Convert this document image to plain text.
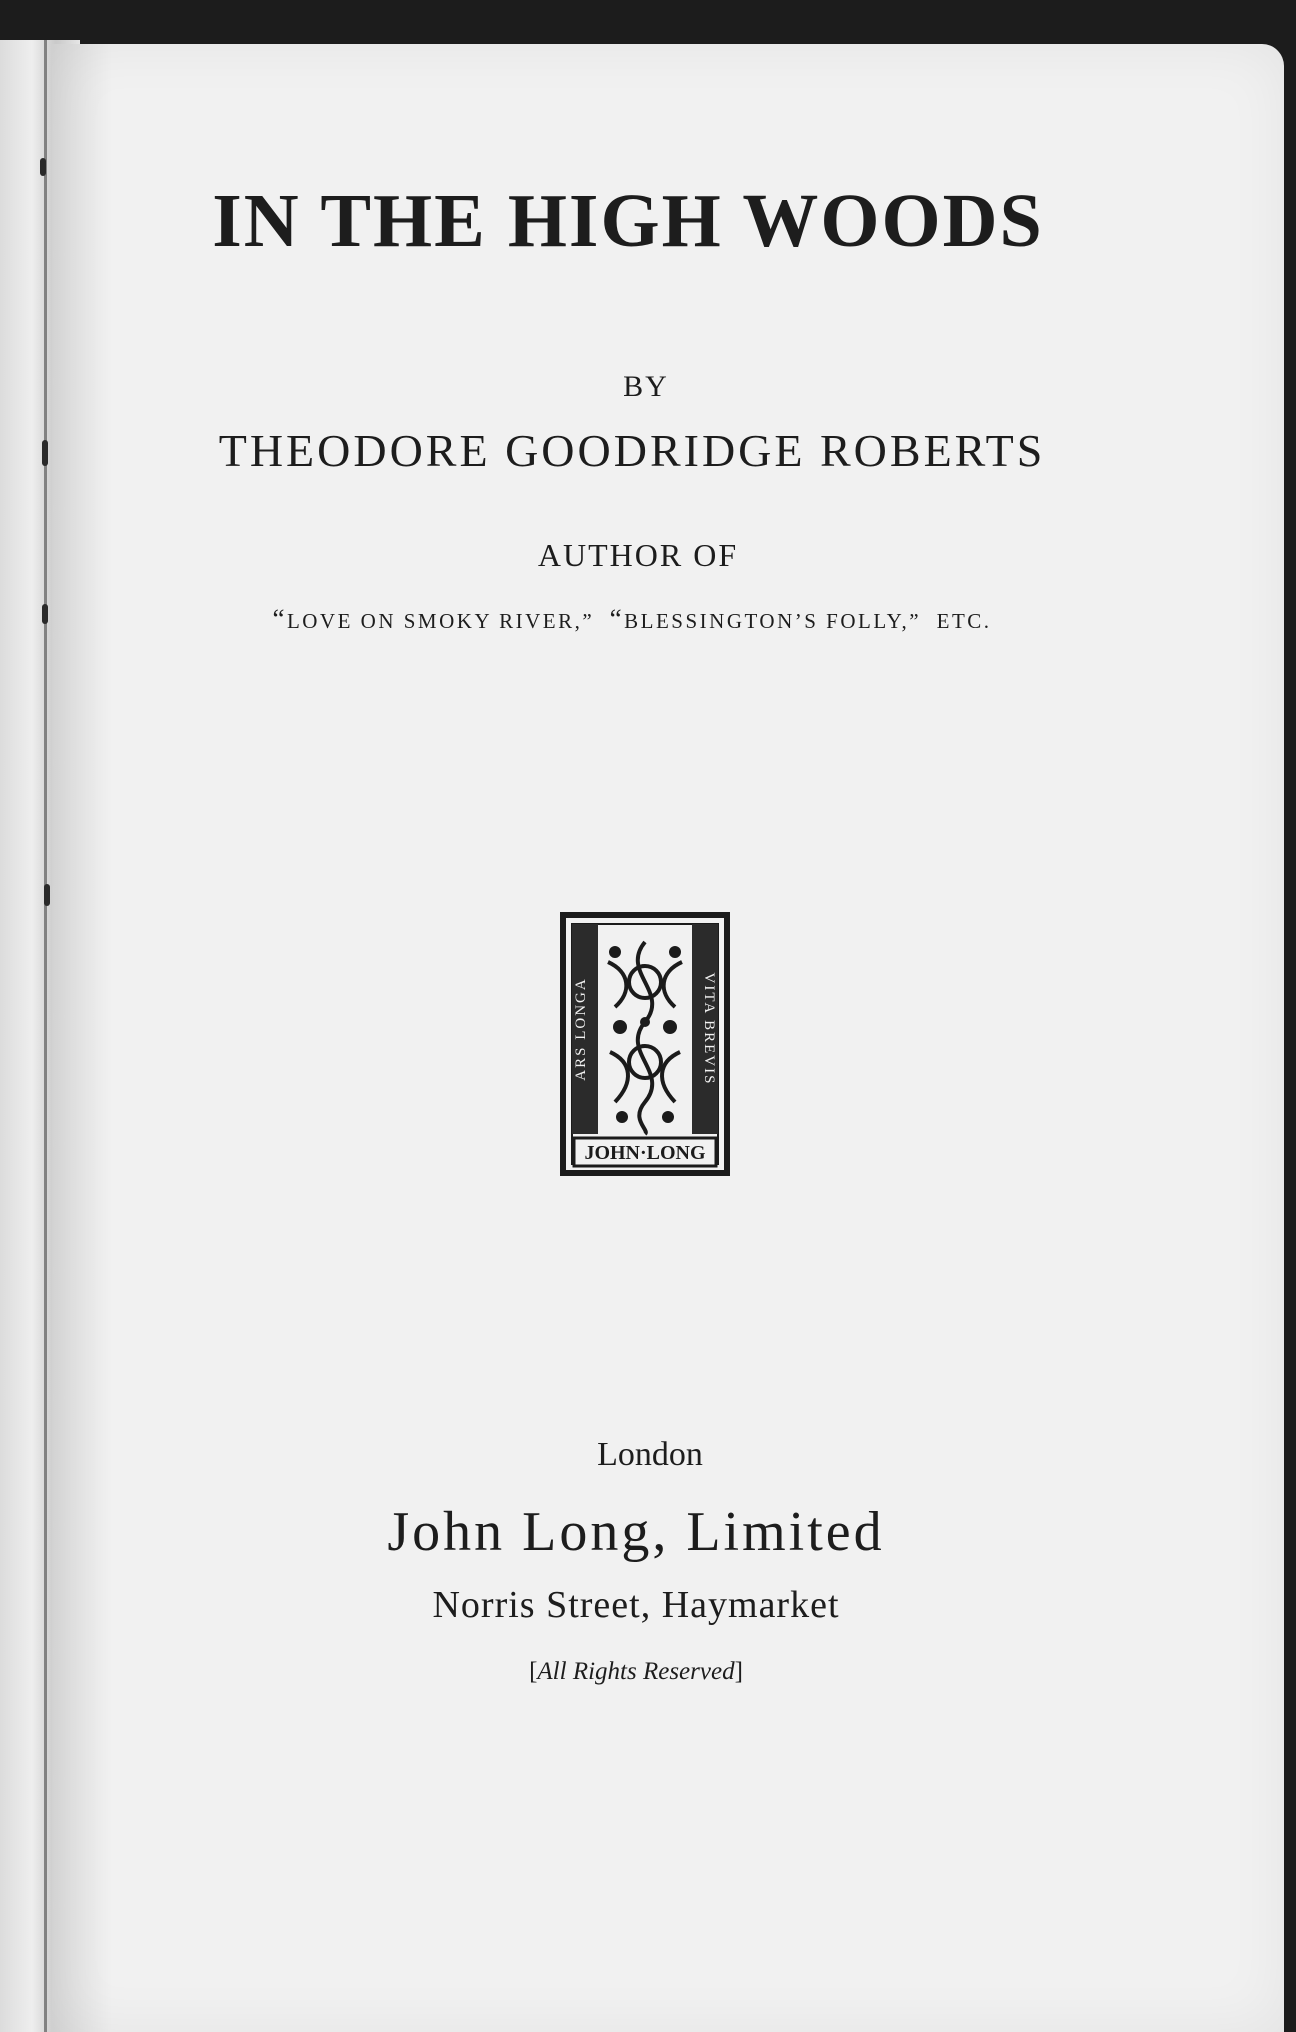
IN THE HIGH WOODS
BY
THEODORE GOODRIDGE ROBERTS
AUTHOR OF
“LOVE ON SMOKY RIVER,” “BLESSINGTON’S FOLLY,” ETC.
ARS LONGA	VITA BREVIS
JOHN·LONG
London
John Long, Limited
Norris Street, Haymarket
[All Rights Reserved]
